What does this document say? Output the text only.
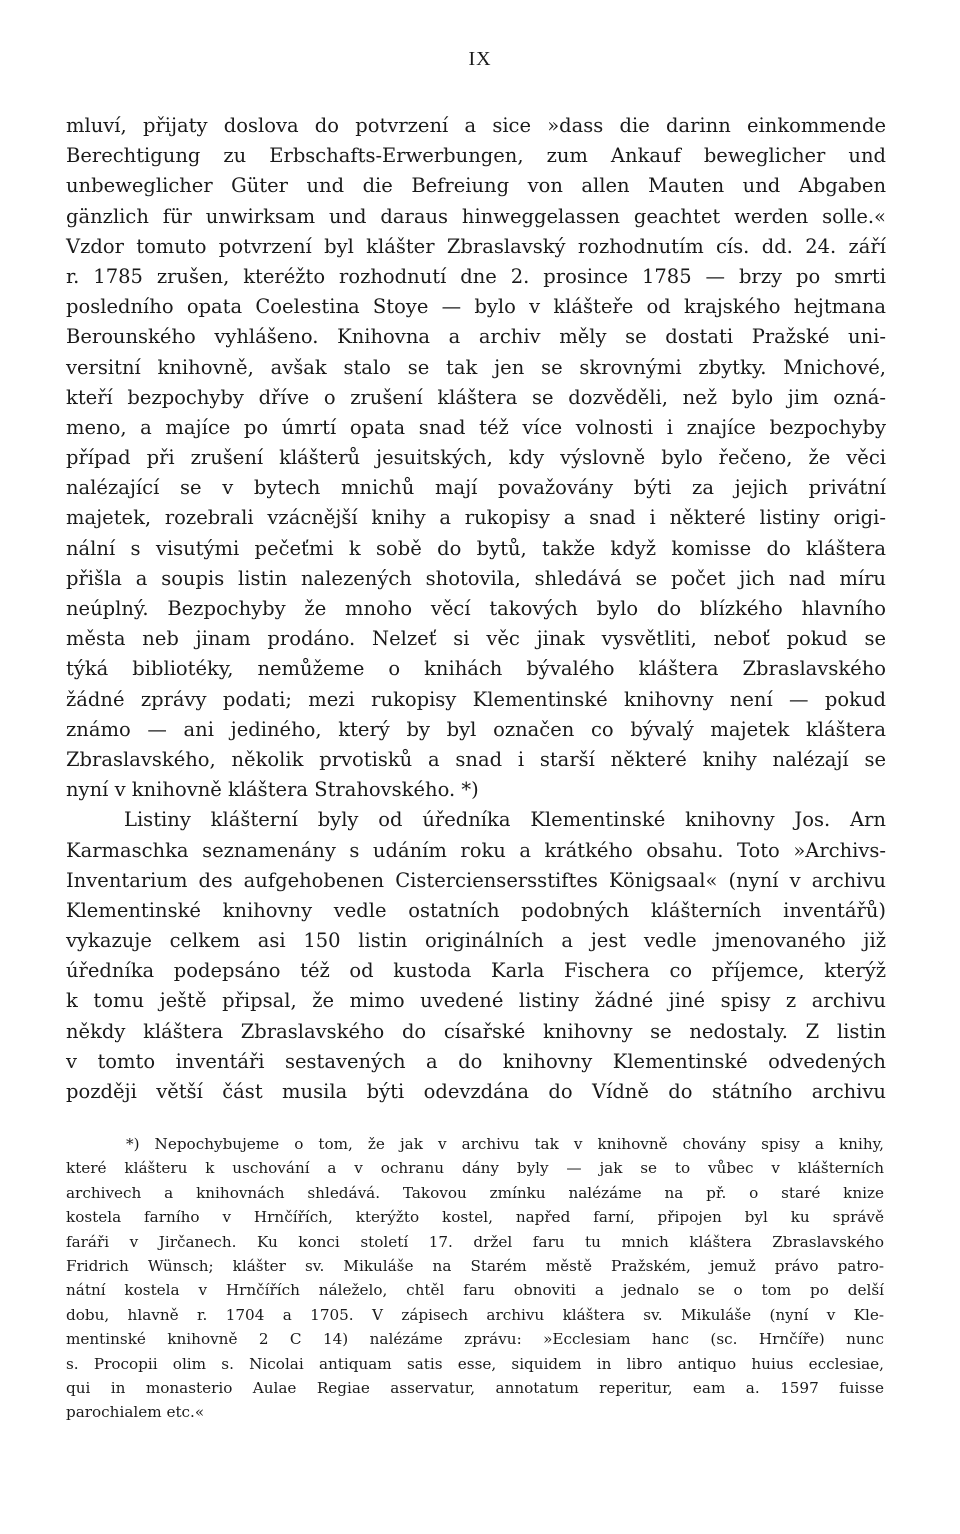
IX
mluví, přijaty doslova do potvrzení a sice »dass die darinn einkommende
Berechtigung zu Erbschafts-Erwerbungen, zum Ankauf beweglicher und
unbeweglicher Güter und die Befreiung von allen Mauten und Abgaben
gänzlich für unwirksam und daraus hinweggelassen geachtet werden solle.«
Vzdor tomuto potvrzení byl klášter Zbraslavský rozhodnutím cís. dd. 24. září
r. 1785 zrušen, kteréžto rozhodnutí dne 2. prosince 1785 — brzy po smrti
posledního opata Coelestina Stoye — bylo v klášteře od krajského hejtmana
Berounského vyhlášeno. Knihovna a archiv měly se dostati Pražské uni-
versitní knihovně, avšak stalo se tak jen se skrovnými zbytky. Mnichové,
kteří bezpochyby dříve o zrušení kláštera se dozvěděli, než bylo jim ozná-
meno, a majíce po úmrtí opata snad též více volnosti i znajíce bezpochyby
případ při zrušení klášterů jesuitských, kdy výslovně bylo řečeno, že věci
nalézající se v bytech mnichů mají považovány býti za jejich privátní
majetek, rozebrali vzácnější knihy a rukopisy a snad i některé listiny origi-
nální s visutými pečeťmi k sobě do bytů, takže když komisse do kláštera
přišla a soupis listin nalezených shotovila, shledává se počet jich nad míru
neúplný. Bezpochyby že mnoho věcí takových bylo do blízkého hlavního
města neb jinam prodáno. Nelzeť si věc jinak vysvětliti, neboť pokud se
týká bibliotéky, nemůžeme o knihách bývalého kláštera Zbraslavského
žádné zprávy podati; mezi rukopisy Klementinské knihovny není — pokud
známo — ani jediného, který by byl označen co bývalý majetek kláštera
Zbraslavského, několik prvotisků a snad i starší některé knihy nalézají se
nyní v knihovně kláštera Strahovského. *)
Listiny klášterní byly od úředníka Klementinské knihovny Jos. Arn
Karmaschka seznamenány s udáním roku a krátkého obsahu. Toto »Archivs-
Inventarium des aufgehobenen Cisterciensersstiftes Königsaal« (nyní v archivu
Klementinské knihovny vedle ostatních podobných klášterních inventářů)
vykazuje celkem asi 150 listin originálních a jest vedle jmenovaného již
úředníka podepsáno též od kustoda Karla Fischera co příjemce, kterýž
k tomu ještě připsal, že mimo uvedené listiny žádné jiné spisy z archivu
někdy kláštera Zbraslavského do císařské knihovny se nedostaly. Z listin
v tomto inventáři sestavených a do knihovny Klementinské odvedených
později větší část musila býti odevzdána do Vídně do státního archivu
*) Nepochybujeme o tom, že jak v archivu tak v knihovně chovány spisy a knihy,
které klášteru k uschování a v ochranu dány byly — jak se to vůbec v klášterních
archivech a knihovnách shledává. Takovou zmínku nalézáme na př. o staré knize
kostela farního v Hrnčířích, kterýžto kostel, napřed farní, připojen byl ku správě
faráři v Jirčanech. Ku konci století 17. držel faru tu mnich kláštera Zbraslavského
Fridrich Wünsch; klášter sv. Mikuláše na Starém městě Pražském, jemuž právo patro-
nátní kostela v Hrnčířích náleželo, chtěl faru obnoviti a jednalo se o tom po delší
dobu, hlavně r. 1704 a 1705. V zápisech archivu kláštera sv. Mikuláše (nyní v Kle-
mentinské knihovně 2 C 14) nalézáme zprávu: »Ecclesiam hanc (sc. Hrnčíře) nunc
s. Procopii olim s. Nicolai antiquam satis esse, siquidem in libro antiquo huius ecclesiae,
qui in monasterio Aulae Regiae asservatur, annotatum reperitur, eam a. 1597 fuisse
parochialem etc.«
